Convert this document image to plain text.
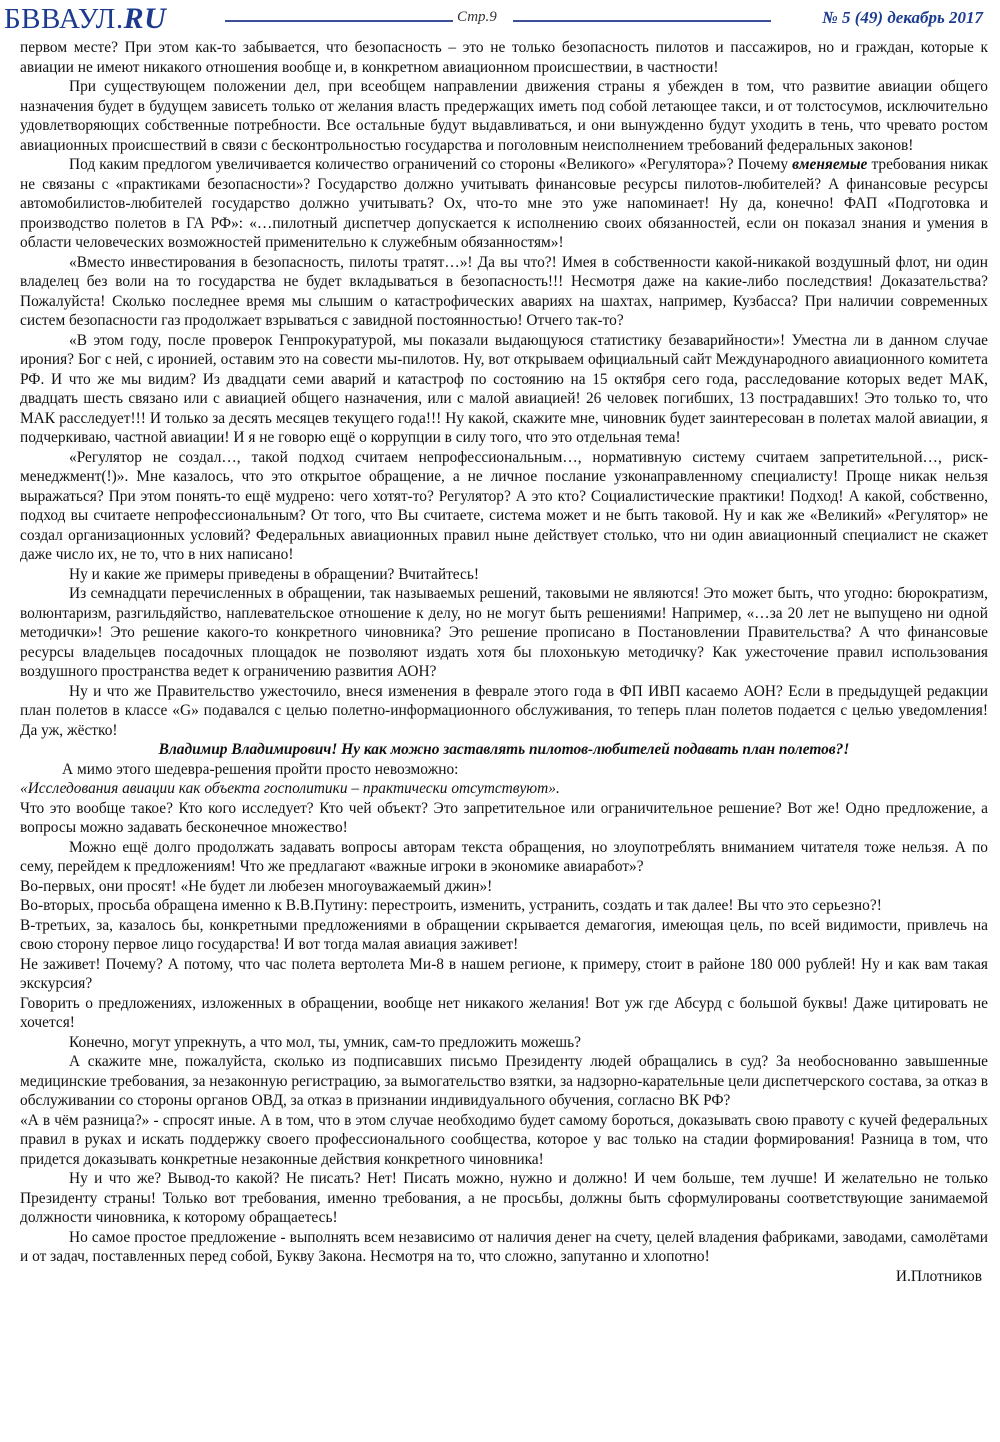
БВВАУЛ.RU	Стр.9	№ 5 (49) декабрь 2017

первом месте? При этом как-то забывается, что безопасность – это не только безопасность пилотов и пассажиров, но и граждан, которые к авиации не имеют никакого отношения вообще и, в конкретном авиационном происшествии, в частности!

При существующем положении дел, при всеобщем направлении движения страны я убежден в том, что развитие авиации общего назначения будет в будущем зависеть только от желания власть предержащих иметь под собой летающее такси, и от толстосумов, исключительно удовлетворяющих собственные потребности. Все остальные будут выдавливаться, и они вынужденно будут уходить в тень, что чревато ростом авиационных происшествий в связи с бесконтрольностью государства и поголовным неисполнением требований федеральных законов!

Под каким предлогом увеличивается количество ограничений со стороны «Великого» «Регулятора»? Почему вменяемые требования никак не связаны с «практиками безопасности»? Государство должно учитывать финансовые ресурсы пилотов-любителей? А финансовые ресурсы автомобилистов-любителей государство должно учитывать? Ох, что-то мне это уже напоминает! Ну да, конечно! ФАП «Подготовка и производство полетов в ГА РФ»: «…пилотный диспетчер допускается к исполнению своих обязанностей, если он показал знания и умения в области человеческих возможностей применительно к служебным обязанностям»!

«Вместо инвестирования в безопасность, пилоты тратят…»! Да вы что?! Имея в собственности какой-никакой воздушный флот, ни один владелец без воли на то государства не будет вкладываться в безопасность!!! Несмотря даже на какие-либо последствия! Доказательства? Пожалуйста! Сколько последнее время мы слышим о катастрофических авариях на шахтах, например, Кузбасса? При наличии современных систем безопасности газ продолжает взрываться с завидной постоянностью! Отчего так-то?

«В этом году, после проверок Генпрокуратурой, мы показали выдающуюся статистику безаварийности»! Уместна ли в данном случае ирония? Бог с ней, с иронией, оставим это на совести мы-пилотов. Ну, вот открываем официальный сайт Международного авиационного комитета РФ. И что же мы видим? Из двадцати семи аварий и катастроф по состоянию на 15 октября сего года, расследование которых ведет МАК, двадцать шесть связано или с авиацией общего назначения, или с малой авиацией! 26 человек погибших, 13 пострадавших! Это только то, что МАК расследует!!! И только за десять месяцев текущего года!!! Ну какой, скажите мне, чиновник будет заинтересован в полетах малой авиации, я подчеркиваю, частной авиации! И я не говорю ещё о коррупции в силу того, что это отдельная тема!

«Регулятор не создал…, такой подход считаем непрофессиональным…, нормативную систему считаем запретительной…, риск-менеджмент(!)». Мне казалось, что это открытое обращение, а не личное послание узконаправленному специалисту! Проще никак нельзя выражаться? При этом понять-то ещё мудрено: чего хотят-то? Регулятор? А это кто? Социалистические практики! Подход! А какой, собственно, подход вы считаете непрофессиональным? От того, что Вы считаете, система может и не быть таковой. Ну и как же «Великий» «Регулятор» не создал организационных условий? Федеральных авиационных правил ныне действует столько, что ни один авиационный специалист не скажет даже число их, не то, что в них написано!

Ну и какие же примеры приведены в обращении? Вчитайтесь!

Из семнадцати перечисленных в обращении, так называемых решений, таковыми не являются! Это может быть, что угодно: бюрократизм, волюнтаризм, разгильдяйство, наплевательское отношение к делу, но не могут быть решениями! Например, «…за 20 лет не выпущено ни одной методички»! Это решение какого-то конкретного чиновника? Это решение прописано в Постановлении Правительства? А что финансовые ресурсы владельцев посадочных площадок не позволяют издать хотя бы плохонькую методичку? Как ужесточение правил использования воздушного пространства ведет к ограничению развития АОН?

Ну и что же Правительство ужесточило, внеся изменения в феврале этого года в ФП ИВП касаемо АОН? Если в предыдущей редакции план полетов в классе «G» подавался с целью полетно-информационного обслуживания, то теперь план полетов подается с целью уведомления! Да уж, жёстко!

Владимир Владимирович! Ну как можно заставлять пилотов-любителей подавать план полетов?!

А мимо этого шедевра-решения пройти просто невозможно:

«Исследования авиации как объекта госполитики – практически отсутствуют».

Что это вообще такое? Кто кого исследует? Кто чей объект? Это запретительное или ограничительное решение? Вот же! Одно предложение, а вопросы можно задавать бесконечное множество!

Можно ещё долго продолжать задавать вопросы авторам текста обращения, но злоупотреблять вниманием читателя тоже нельзя. А по сему, перейдем к предложениям! Что же предлагают «важные игроки в экономике авиаработ»?

Во-первых, они просят! «Не будет ли любезен многоуважаемый джин»!

Во-вторых, просьба обращена именно к В.В.Путину: перестроить, изменить, устранить, создать и так далее! Вы что это серьезно?!

В-третьих, за, казалось бы, конкретными предложениями в обращении скрывается демагогия, имеющая цель, по всей видимости, привлечь на свою сторону первое лицо государства! И вот тогда малая авиация заживет!

Не заживет! Почему? А потому, что час полета вертолета Ми-8 в нашем регионе, к примеру, стоит в районе 180 000 рублей! Ну и как вам такая экскурсия?

Говорить о предложениях, изложенных в обращении, вообще нет никакого желания! Вот уж где Абсурд с большой буквы! Даже цитировать не хочется!

Конечно, могут упрекнуть, а что мол, ты, умник, сам-то предложить можешь?

А скажите мне, пожалуйста, сколько из подписавших письмо Президенту людей обращались в суд? За необоснованно завышенные медицинские требования, за незаконную регистрацию, за вымогательство взятки, за надзорно-карательные цели диспетчерского состава, за отказ в обслуживании со стороны органов ОВД, за отказ в признании индивидуального обучения, согласно ВК РФ?

«А в чём разница?» - спросят иные. А в том, что в этом случае необходимо будет самому бороться, доказывать свою правоту с кучей федеральных правил в руках и искать поддержку своего профессионального сообщества, которое у вас только на стадии формирования! Разница в том, что придется доказывать конкретные незаконные действия конкретного чиновника!

Ну и что же? Вывод-то какой? Не писать? Нет! Писать можно, нужно и должно! И чем больше, тем лучше! И желательно не только Президенту страны! Только вот требования, именно требования, а не просьбы, должны быть сформулированы соответствующие занимаемой должности чиновника, к которому обращаетесь!

Но самое простое предложение - выполнять всем независимо от наличия денег на счету, целей владения фабриками, заводами, самолётами и от задач, поставленных перед собой, Букву Закона. Несмотря на то, что сложно, запутанно и хлопотно!

И.Плотников
